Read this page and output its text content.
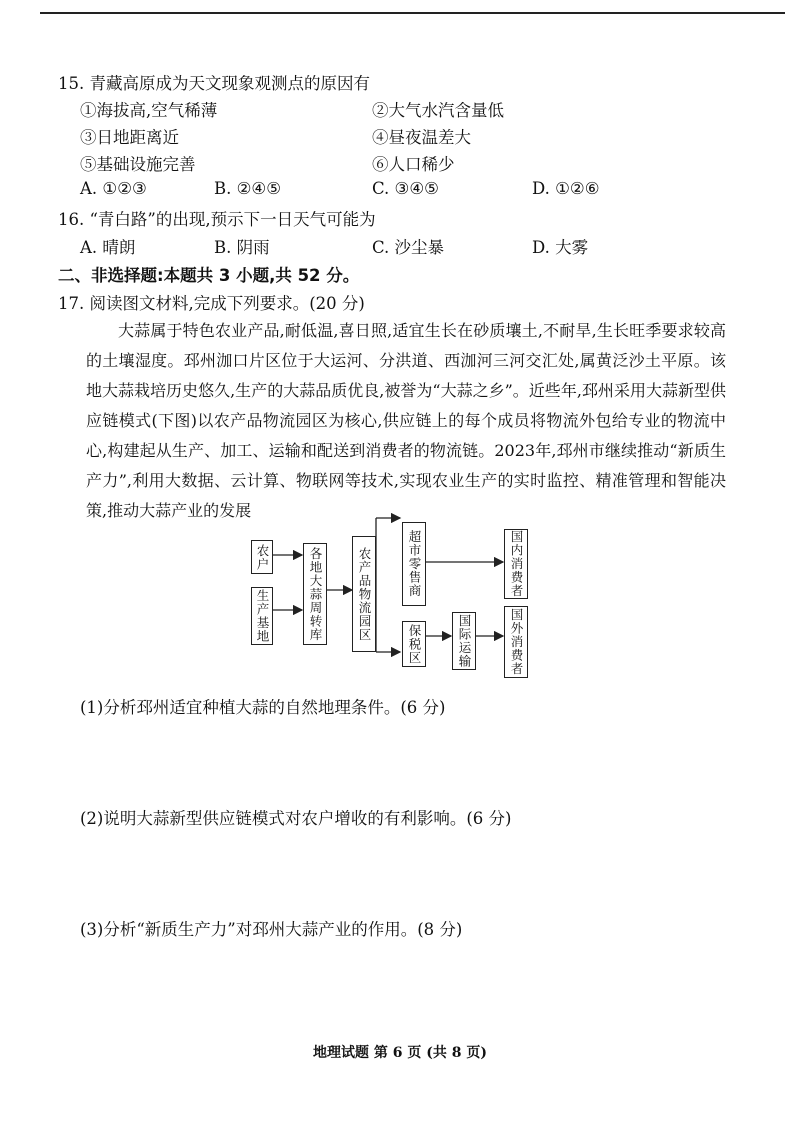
15. 青藏高原成为天文现象观测点的原因有
①海拔高,空气稀薄	②大气水汽含量低
③日地距离近	④昼夜温差大
⑤基础设施完善	⑥人口稀少
A. ①②③	B. ②④⑤	C. ③④⑤	D. ①②⑥
16. “青白路”的出现,预示下一日天气可能为
A. 晴朗	B. 阴雨	C. 沙尘暴	D. 大雾
二、非选择题:本题共 3 小题,共 52 分。
17. 阅读图文材料,完成下列要求。(20 分)

大蒜属于特色农业产品,耐低温,喜日照,适宜生长在砂质壤土,不耐旱,生长旺季要求较高的土壤湿度。邳州泇口片区位于大运河、分洪道、西泇河三河交汇处,属黄泛沙土平原。该地大蒜栽培历史悠久,生产的大蒜品质优良,被誉为“大蒜之乡”。近些年,邳州采用大蒜新型供应链模式(下图)以农产品物流园区为核心,供应链上的每个成员将物流外包给专业的物流中心,构建起从生产、加工、运输和配送到消费者的物流链。2023年,邳州市继续推动“新质生产力”,利用大数据、云计算、物联网等技术,实现农业生产的实时监控、精准管理和智能决策,推动大蒜产业的发展

农户
生产基地	各地大蒜周转库	农产品物流园区	超市零售商
保税区	国际运输
国内消费者
国外消费者
(1)分析邳州适宜种植大蒜的自然地理条件。(6 分)
(2)说明大蒜新型供应链模式对农户增收的有利影响。(6 分)
(3)分析“新质生产力”对邳州大蒜产业的作用。(8 分)
地理试题 第 6 页 (共 8 页)
